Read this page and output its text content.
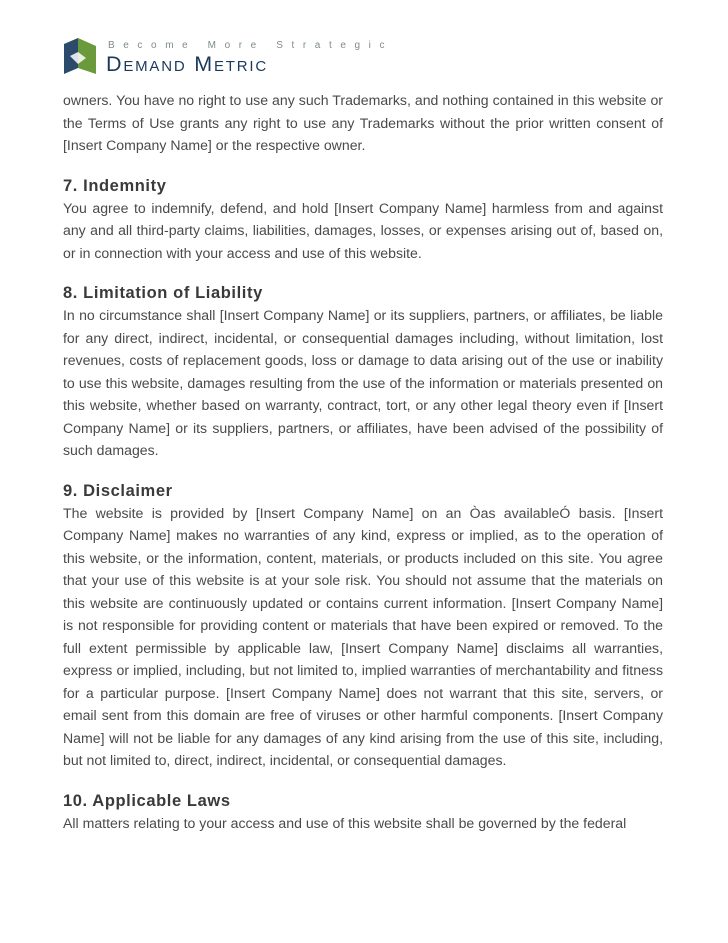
Become More Strategic
Demand Metric

owners. You have no right to use any such Trademarks, and nothing contained in this website or the Terms of Use grants any right to use any Trademarks without the prior written consent of [Insert Company Name] or the respective owner.

7. Indemnity

You agree to indemnify, defend, and hold [Insert Company Name] harmless from and against any and all third-party claims, liabilities, damages, losses, or expenses arising out of, based on, or in connection with your access and use of this website.

8. Limitation of Liability

In no circumstance shall [Insert Company Name] or its suppliers, partners, or affiliates, be liable for any direct, indirect, incidental, or consequential damages including, without limitation, lost revenues, costs of replacement goods, loss or damage to data arising out of the use or inability to use this website, damages resulting from the use of the information or materials presented on this website, whether based on warranty, contract, tort, or any other legal theory even if [Insert Company Name] or its suppliers, partners, or affiliates, have been advised of the possibility of such damages.

9. Disclaimer

The website is provided by [Insert Company Name] on an Òas availableÓ basis. [Insert Company Name] makes no warranties of any kind, express or implied, as to the operation of this website, or the information, content, materials, or products included on this site. You agree that your use of this website is at your sole risk. You should not assume that the materials on this website are continuously updated or contains current information. [Insert Company Name] is not responsible for providing content or materials that have been expired or removed. To the full extent permissible by applicable law, [Insert Company Name] disclaims all warranties, express or implied, including, but not limited to, implied warranties of merchantability and fitness for a particular purpose. [Insert Company Name] does not warrant that this site, servers, or email sent from this domain are free of viruses or other harmful components. [Insert Company Name] will not be liable for any damages of any kind arising from the use of this site, including, but not limited to, direct, indirect, incidental, or consequential damages.

10. Applicable Laws

All matters relating to your access and use of this website shall be governed by the federal
